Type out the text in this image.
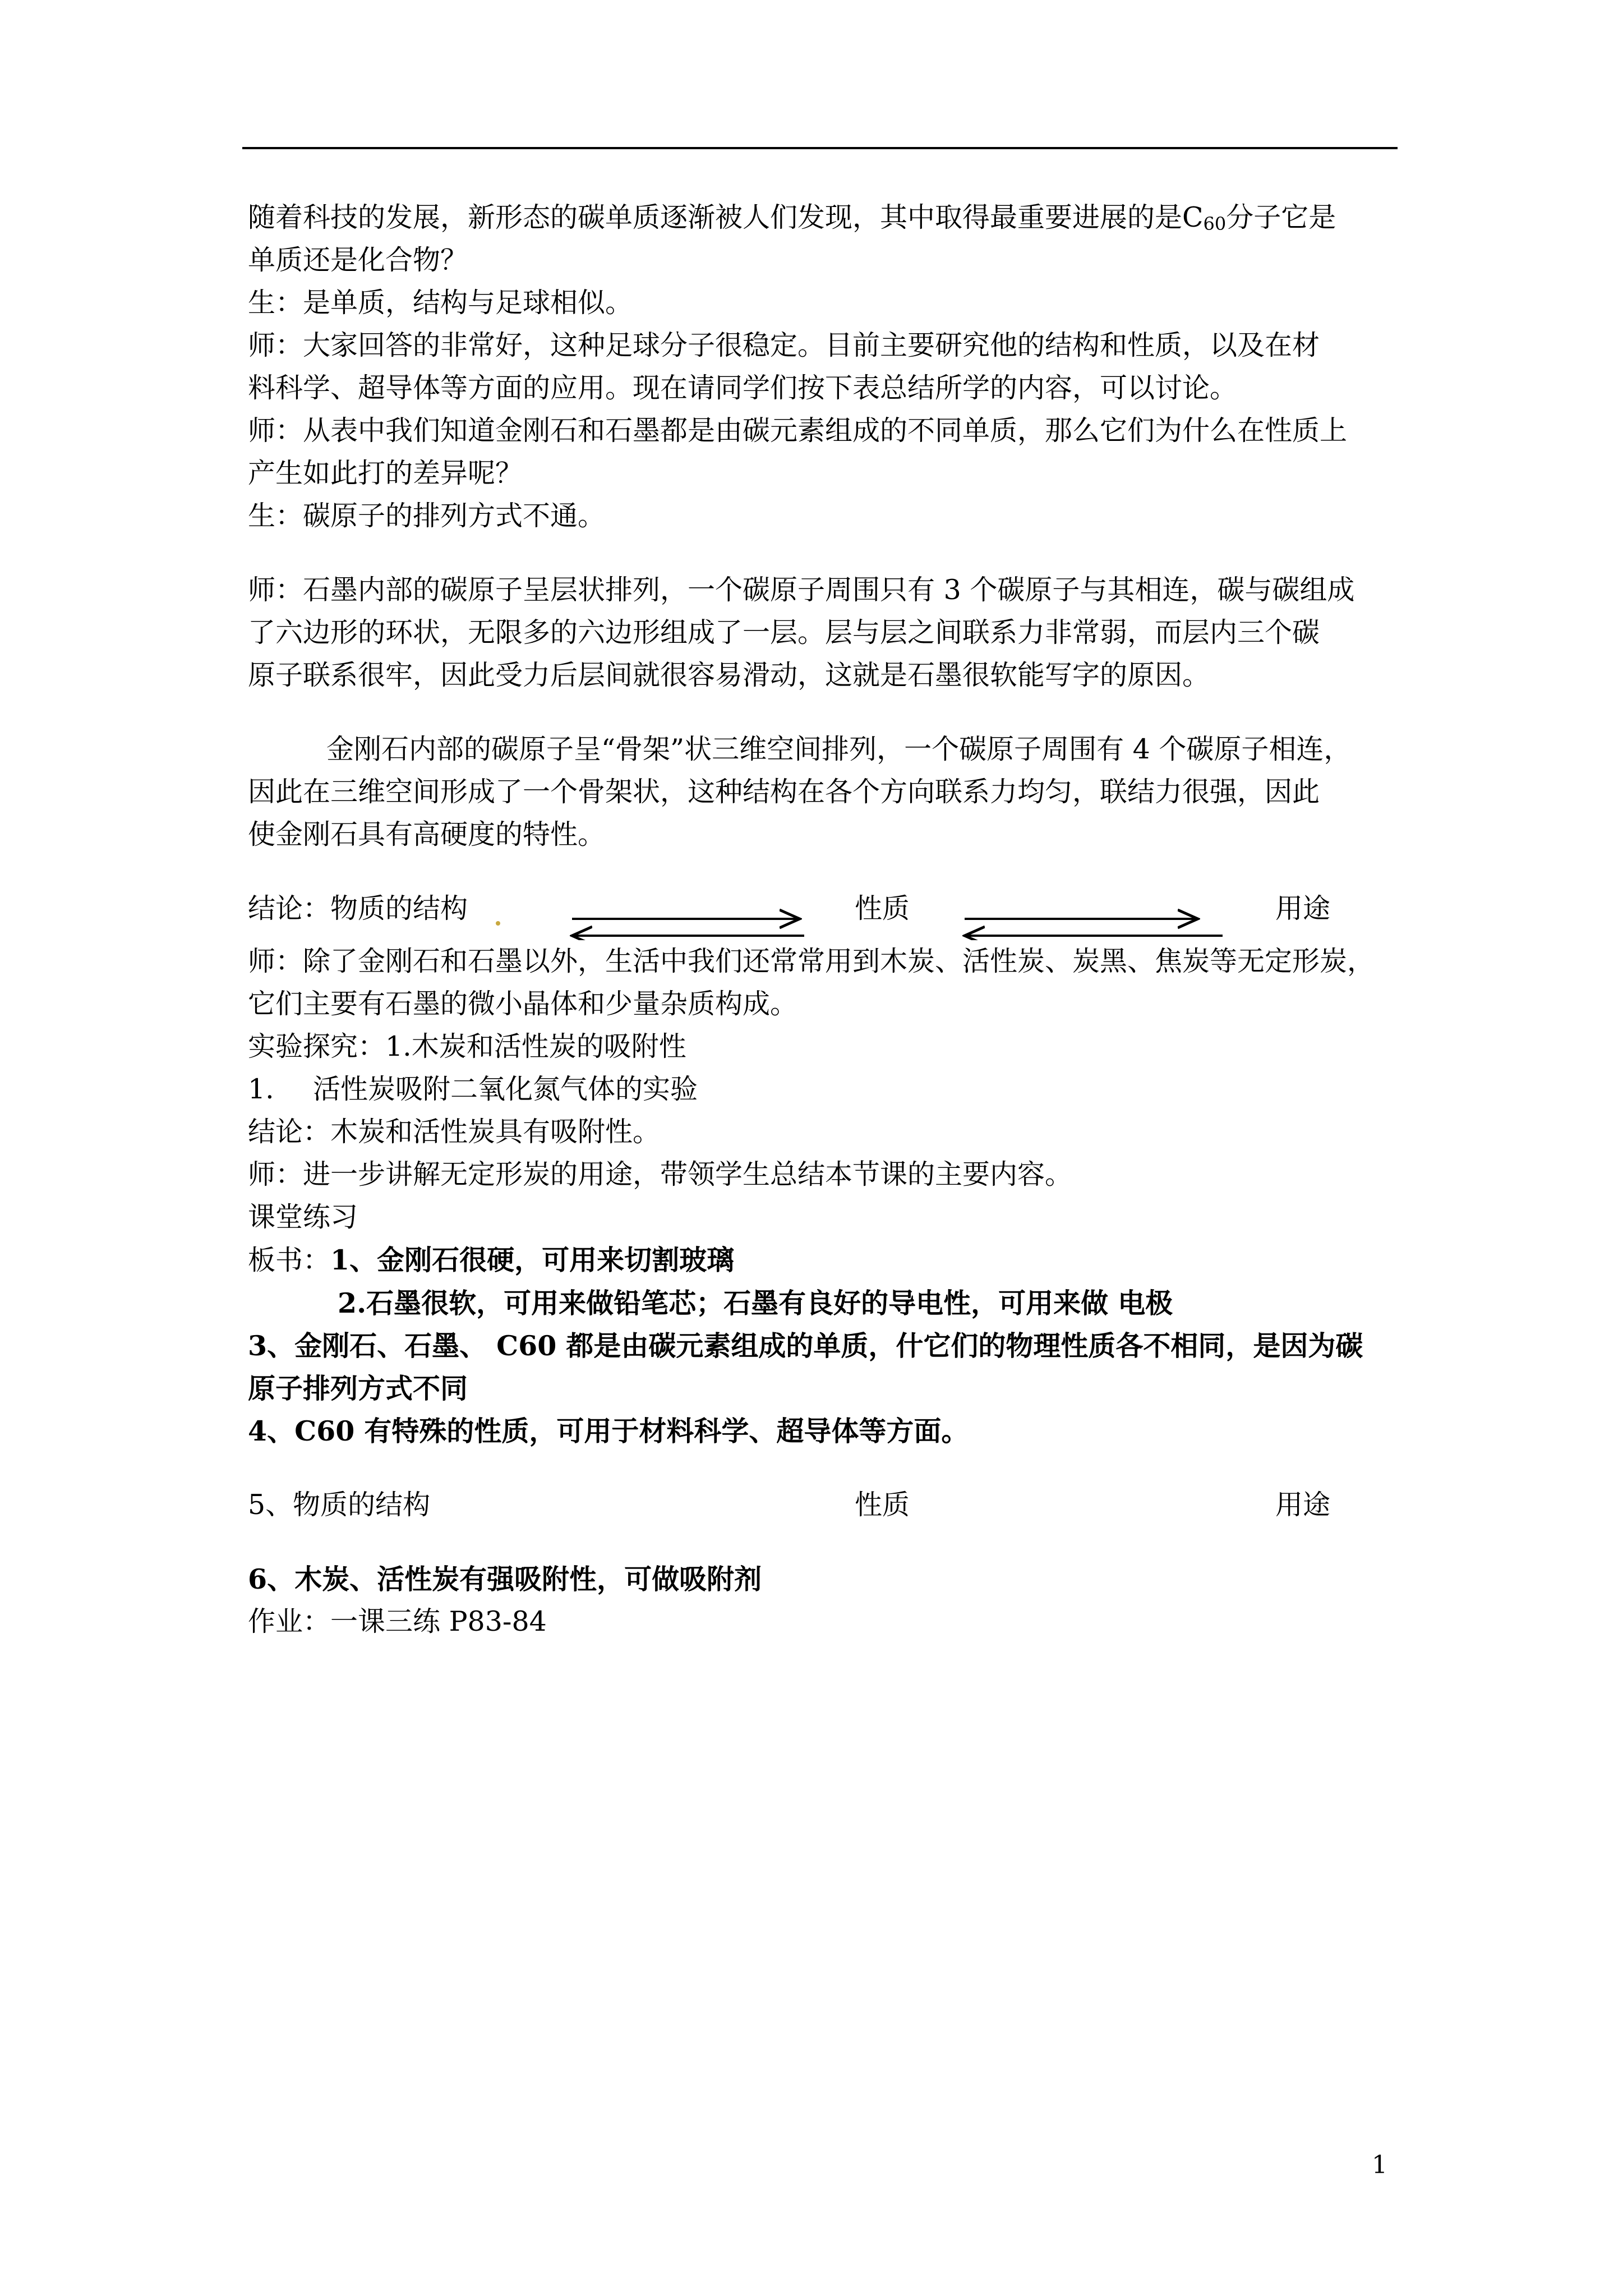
随着科技的发展，新形态的碳单质逐渐被人们发现，其中取得最重要进展的是$C_{60}$分子它是

单质还是化合物？

生：是单质，结构与足球相似。

师：大家回答的非常好，这种足球分子很稳定。目前主要研究他的结构和性质，以及在材

料科学、超导体等方面的应用。现在请同学们按下表总结所学的内容，可以讨论。

师：从表中我们知道金刚石和石墨都是由碳元素组成的不同单质，那么它们为什么在性质上

产生如此打的差异呢？

生：碳原子的排列方式不通。

师：石墨内部的碳原子呈层状排列，一个碳原子周围只有 3 个碳原子与其相连，碳与碳组成

了六边形的环状，无限多的六边形组成了一层。层与层之间联系力非常弱，而层内三个碳

原子联系很牢，因此受力后层间就很容易滑动，这就是石墨很软能写字的原因。

金刚石内部的碳原子呈“骨架”状三维空间排列，一个碳原子周围有 4 个碳原子相连，

因此在三维空间形成了一个骨架状，这种结构在各个方向联系力均匀，联结力很强，因此

使金刚石具有高硬度的特性。

结论：物质的结构	性质	用途

师：除了金刚石和石墨以外，生活中我们还常常用到木炭、活性炭、炭黑、焦炭等无定形炭，

它们主要有石墨的微小晶体和少量杂质构成。

实验探究：1.木炭和活性炭的吸附性

1. 活性炭吸附二氧化氮气体的实验

结论：木炭和活性炭具有吸附性。

师：进一步讲解无定形炭的用途，带领学生总结本节课的主要内容。

课堂练习

板书：1、金刚石很硬，可用来切割玻璃

2.石墨很软，可用来做铅笔芯；石墨有良好的导电性，可用来做 电极

3、金刚石、石墨、 C60 都是由碳元素组成的单质，什它们的物理性质各不相同，是因为碳

原子排列方式不同

4、C60 有特殊的性质，可用于材料科学、超导体等方面。

5、物质的结构	性质	用途

6、木炭、活性炭有强吸附性，可做吸附剂

作业：一课三练 P83-84

1
